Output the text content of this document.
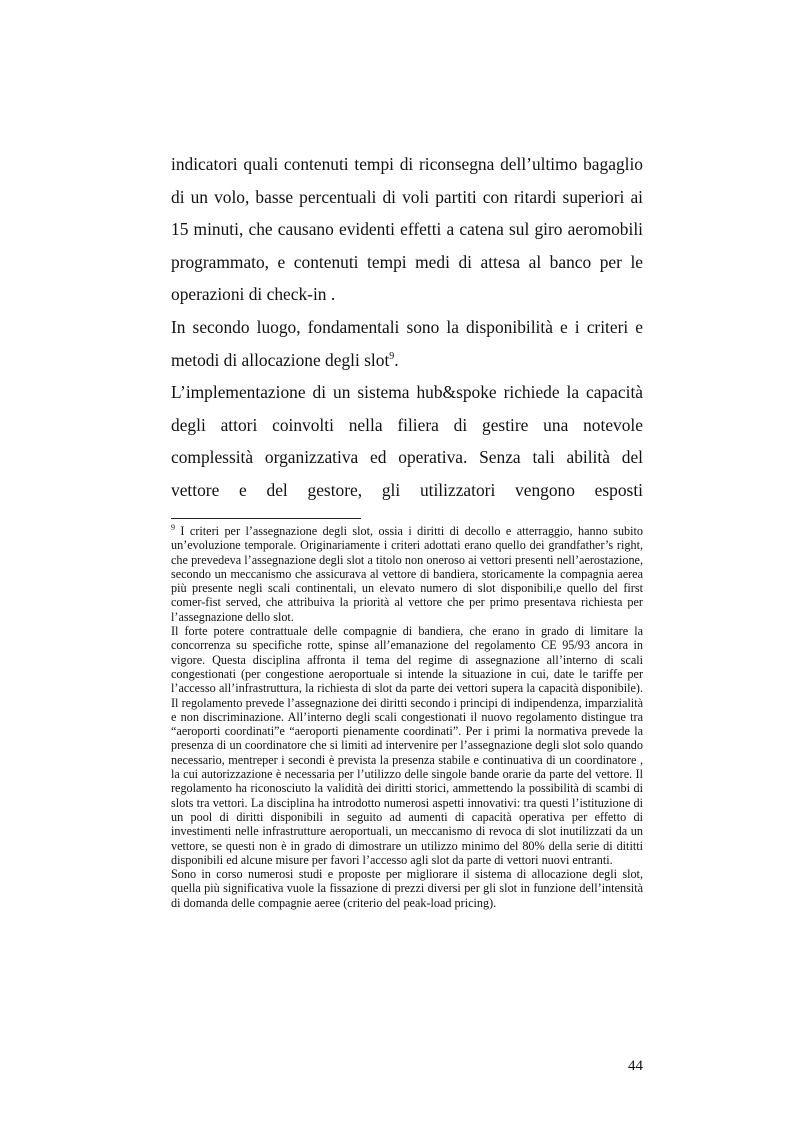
indicatori quali contenuti tempi di riconsegna dell’ultimo bagaglio di un volo, basse percentuali di voli partiti con ritardi superiori ai 15 minuti, che causano evidenti effetti a catena sul giro aeromobili programmato, e contenuti tempi medi di attesa al banco per le operazioni di check-in .

In secondo luogo, fondamentali sono la disponibilità e i criteri e metodi di allocazione degli slot$^9$.

L’implementazione di un sistema hub&spoke richiede la capacità degli attori coinvolti nella filiera di gestire una notevole complessità organizzativa ed operativa. Senza tali abilità del vettore e del gestore, gli utilizzatori vengono esposti

$^9$ I criteri per l’assegnazione degli slot, ossia i diritti di decollo e atterraggio, hanno subito un’evoluzione temporale. Originariamente i criteri adottati erano quello dei grandfather’s right, che prevedeva l’assegnazione degli slot a titolo non oneroso ai vettori presenti nell’aerostazione, secondo un meccanismo che assicurava al vettore di bandiera, storicamente la compagnia aerea più presente negli scali continentali, un elevato numero di slot disponibili,e quello del first comer-fist served, che attribuiva la priorità al vettore che per primo presentava richiesta per l’assegnazione dello slot.

Il forte potere contrattuale delle compagnie di bandiera, che erano in grado di limitare la concorrenza su specifiche rotte, spinse all’emanazione del regolamento CE 95/93 ancora in vigore. Questa disciplina affronta il tema del regime di assegnazione all’interno di scali congestionati (per congestione aeroportuale si intende la situazione in cui, date le tariffe per l’accesso all’infrastruttura, la richiesta di slot da parte dei vettori supera la capacità disponibile). Il regolamento prevede l’assegnazione dei diritti secondo i principi di indipendenza, imparzialità e non discriminazione. All’interno degli scali congestionati il nuovo regolamento distingue tra “aeroporti coordinati”e “aeroporti pienamente coordinati”. Per i primi la normativa prevede la presenza di un coordinatore che si limiti ad intervenire per l’assegnazione degli slot solo quando necessario, mentreper i secondi è prevista la presenza stabile e continuativa di un coordinatore , la cui autorizzazione è necessaria per l’utilizzo delle singole bande orarie da parte del vettore. Il regolamento ha riconosciuto la validità dei diritti storici, ammettendo la possibilità di scambi di slots tra vettori. La disciplina ha introdotto numerosi aspetti innovativi: tra questi l’istituzione di un pool di diritti disponibili in seguito ad aumenti di capacità operativa per effetto di investimenti nelle infrastrutture aeroportuali, un meccanismo di revoca di slot inutilizzati da un vettore, se questi non è in grado di dimostrare un utilizzo minimo del 80% della serie di dititti disponibili ed alcune misure per favori l’accesso agli slot da parte di vettori nuovi entranti.

Sono in corso numerosi studi e proposte per migliorare il sistema di allocazione degli slot, quella più significativa vuole la fissazione di prezzi diversi per gli slot in funzione dell’intensità di domanda delle compagnie aeree (criterio del peak-load pricing).

44
